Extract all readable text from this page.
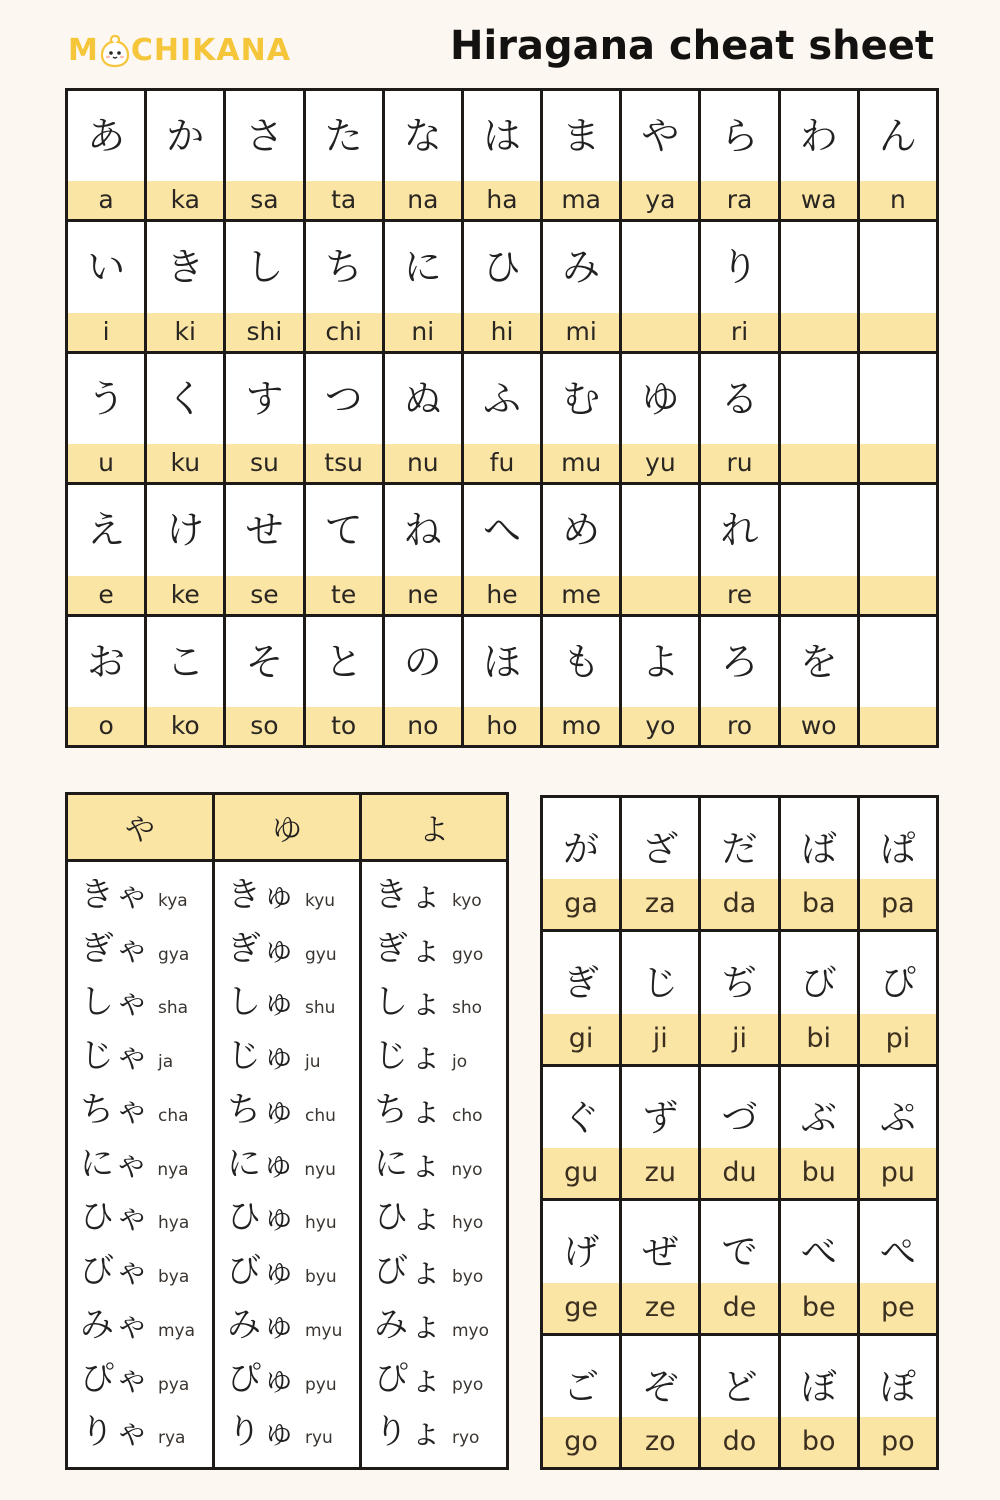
M CHIKANA	Hiragana cheat sheet
あ
a
か
ka
さ
sa
た
ta
な
na
は
ha
ま
ma
や
ya
ら
ra
わ
wa
ん
n
い
i
き
ki
し
shi
ち
chi
に
ni
ひ
hi
み
mi
り
ri
う
u
く
ku
す
su
つ
tsu
ぬ
nu
ふ
fu
む
mu
ゆ
yu
る
ru
え
e
け
ke
せ
se
て
te
ね
ne
へ
he
め
me
れ
re
お
o
こ
ko
そ
so
と
to
の
no
ほ
ho
も
mo
よ
yo
ろ
ro
を
wo
や
きゃ kya
ぎゃ gya
しゃ sha
じゃ ja
ちゃ cha
にゃ nya
ひゃ hya
びゃ bya
みゃ mya
ぴゃ pya
りゃ rya
ゆ
きゅ kyu
ぎゅ gyu
しゅ shu
じゅ ju
ちゅ chu
にゅ nyu
ひゅ hyu
びゅ byu
みゅ myu
ぴゅ pyu
りゅ ryu
よ
きょ kyo
ぎょ gyo
しょ sho
じょ jo
ちょ cho
にょ nyo
ひょ hyo
びょ byo
みょ myo
ぴょ pyo
りょ ryo
が
ga
ざ
za
だ
da
ば
ba
ぱ
pa
ぎ
gi
じ
ji
ぢ
ji
び
bi
ぴ
pi
ぐ
gu
ず
zu
づ
du
ぶ
bu
ぷ
pu
げ
ge
ぜ
ze
で
de
べ
be
ぺ
pe
ご
go
ぞ
zo
ど
do
ぼ
bo
ぽ
po
